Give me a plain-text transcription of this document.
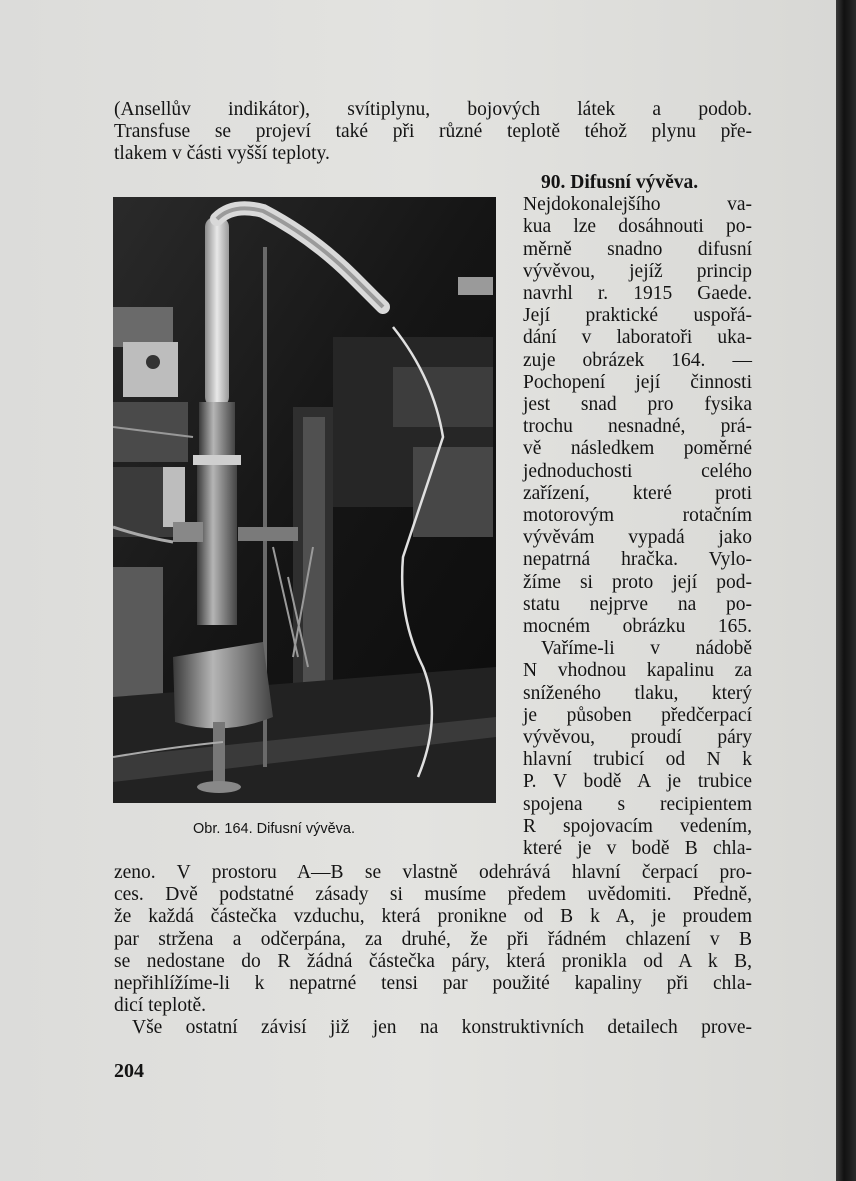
(Ansellův indikátor), svítiplynu, bojových látek a podob.
Transfuse se projeví také při různé teplotě téhož plynu pře-
tlakem v části vyšší teploty.
90. Difusní vývěva.
Nejdokonalejšího va-
kua lze dosáhnouti po-
měrně snadno difusní
vývěvou, jejíž princip
navrhl r. 1915 Gaede.
Její praktické uspořá-
dání v laboratoři uka-
zuje obrázek 164. —
Pochopení její činnosti
jest snad pro fysika
trochu nesnadné, prá-
vě následkem poměrné
jednoduchosti celého
zařízení, které proti
motorovým rotačním
vývěvám vypadá jako
nepatrná hračka. Vylo-
žíme si proto její pod-
statu nejprve na po-
mocném obrázku 165.
Vaříme-li v nádobě
N vhodnou kapalinu za
sníženého tlaku, který
je působen předčerpací
vývěvou, proudí páry
hlavní trubicí od N k
P. V bodě A je trubice
spojena s recipientem
R spojovacím vedením,
které je v bodě B chla-
Obr. 164. Difusní vývěva.
zeno. V prostoru A—B se vlastně odehrává hlavní čerpací pro-
ces. Dvě podstatné zásady si musíme předem uvědomiti. Předně,
že každá částečka vzduchu, která pronikne od B k A, je proudem
par stržena a odčerpána, za druhé, že při řádném chlazení v B
se nedostane do R žádná částečka páry, která pronikla od A k B,
nepřihlížíme-li k nepatrné tensi par použité kapaliny při chla-
dicí teplotě.
Vše ostatní závisí již jen na konstruktivních detailech prove-
204
